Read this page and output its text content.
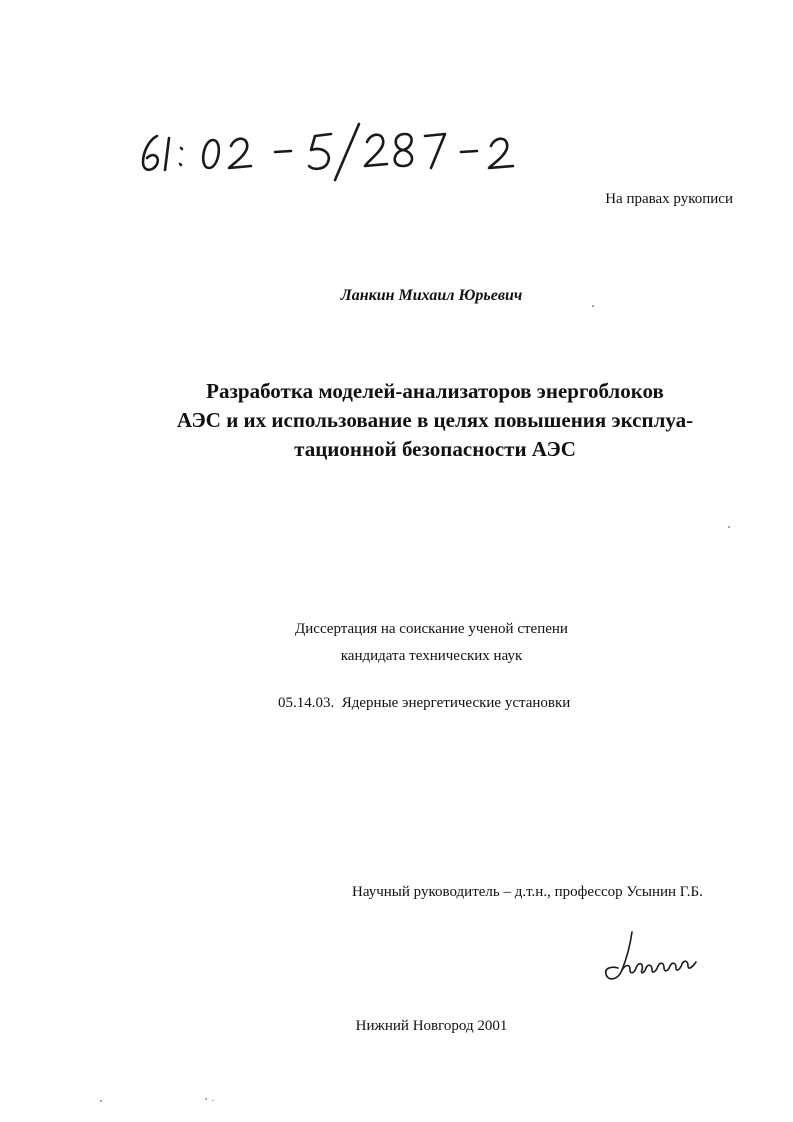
На правах рукописи
Ланкин Михаил Юрьевич
Разработка моделей-анализаторов энергоблоков
АЭС и их использование в целях повышения эксплуа-
тационной безопасности АЭС
Диссертация на соискание ученой степени
кандидата технических наук
05.14.03. Ядерные энергетические установки
Научный руководитель – д.т.н., профессор Усынин Г.Б.
Нижний Новгород 2001
